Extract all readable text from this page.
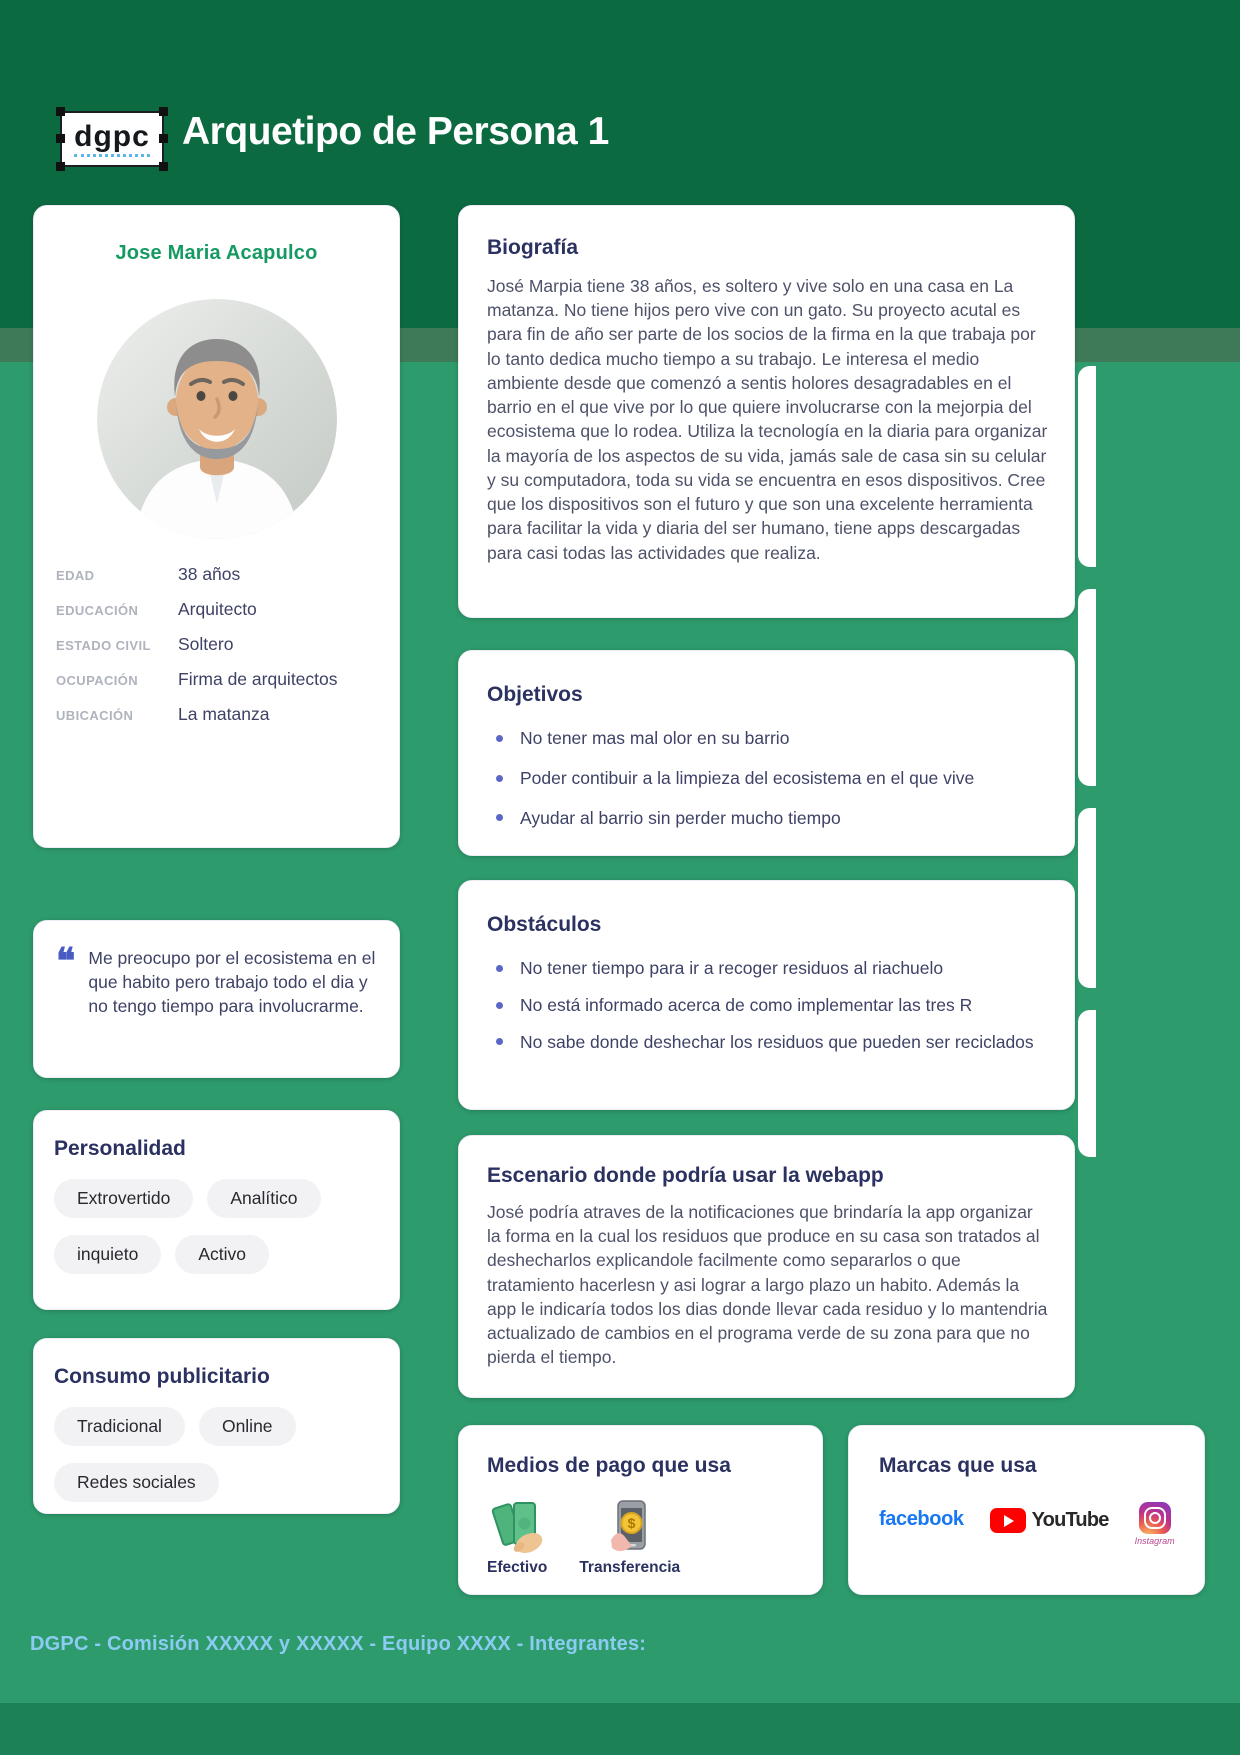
dgpc Arquetipo de Persona 1
Jose Maria Acapulco
EDAD	38 años
EDUCACIÓN	Arquitecto
ESTADO CIVIL	Soltero
OCUPACIÓN	Firma de arquitectos
UBICACIÓN	La matanza
❝ Me preocupo por el ecosistema en el que habito pero trabajo todo el dia y no tengo tiempo para involucrarme.
Personalidad
Extrovertido	Analítico
inquieto	Activo
Consumo publicitario
Tradicional	Online
Redes sociales
Biografía
José Marpia tiene 38 años, es soltero y vive solo en una casa en La matanza. No tiene hijos pero vive con un gato. Su proyecto acutal es para fin de año ser parte de los socios de la firma en la que trabaja por lo tanto dedica mucho tiempo a su trabajo. Le interesa el medio ambiente desde que comenzó a sentis holores desagradables en el barrio en el que vive por lo que quiere involucrarse con la mejorpia del ecosistema que lo rodea. Utiliza la tecnología en la diaria para organizar la mayoría de los aspectos de su vida, jamás sale de casa sin su celular y su computadora, toda su vida se encuentra en esos dispositivos. Cree que los dispositivos son el futuro y que son una excelente herramienta para facilitar la vida y diaria del ser humano, tiene apps descargadas para casi todas las actividades que realiza.
Objetivos
No tener mas mal olor en su barrio
Poder contibuir a la limpieza del ecosistema en el que vive
Ayudar al barrio sin perder mucho tiempo
Obstáculos
No tener tiempo para ir a recoger residuos al riachuelo
No está informado acerca de como implementar las tres R
No sabe donde deshechar los residuos que pueden ser reciclados
Escenario donde podría usar la webapp
José podría atraves de la notificaciones que brindaría la app organizar la forma en la cual los residuos que produce en su casa son tratados al deshecharlos explicandole facilmente como separarlos o que tratamiento hacerlesn y asi lograr a largo plazo un habito. Además la app le indicaría todos los dias donde llevar cada residuo y lo mantendria actualizado de cambios en el programa verde de su zona para que no pierda el tiempo.
Medios de pago que usa
Efectivo
$
Transferencia
Marcas que usa
facebook	YouTube
Instagram
DGPC - Comisión XXXXX y XXXXX - Equipo XXXX - Integrantes:
